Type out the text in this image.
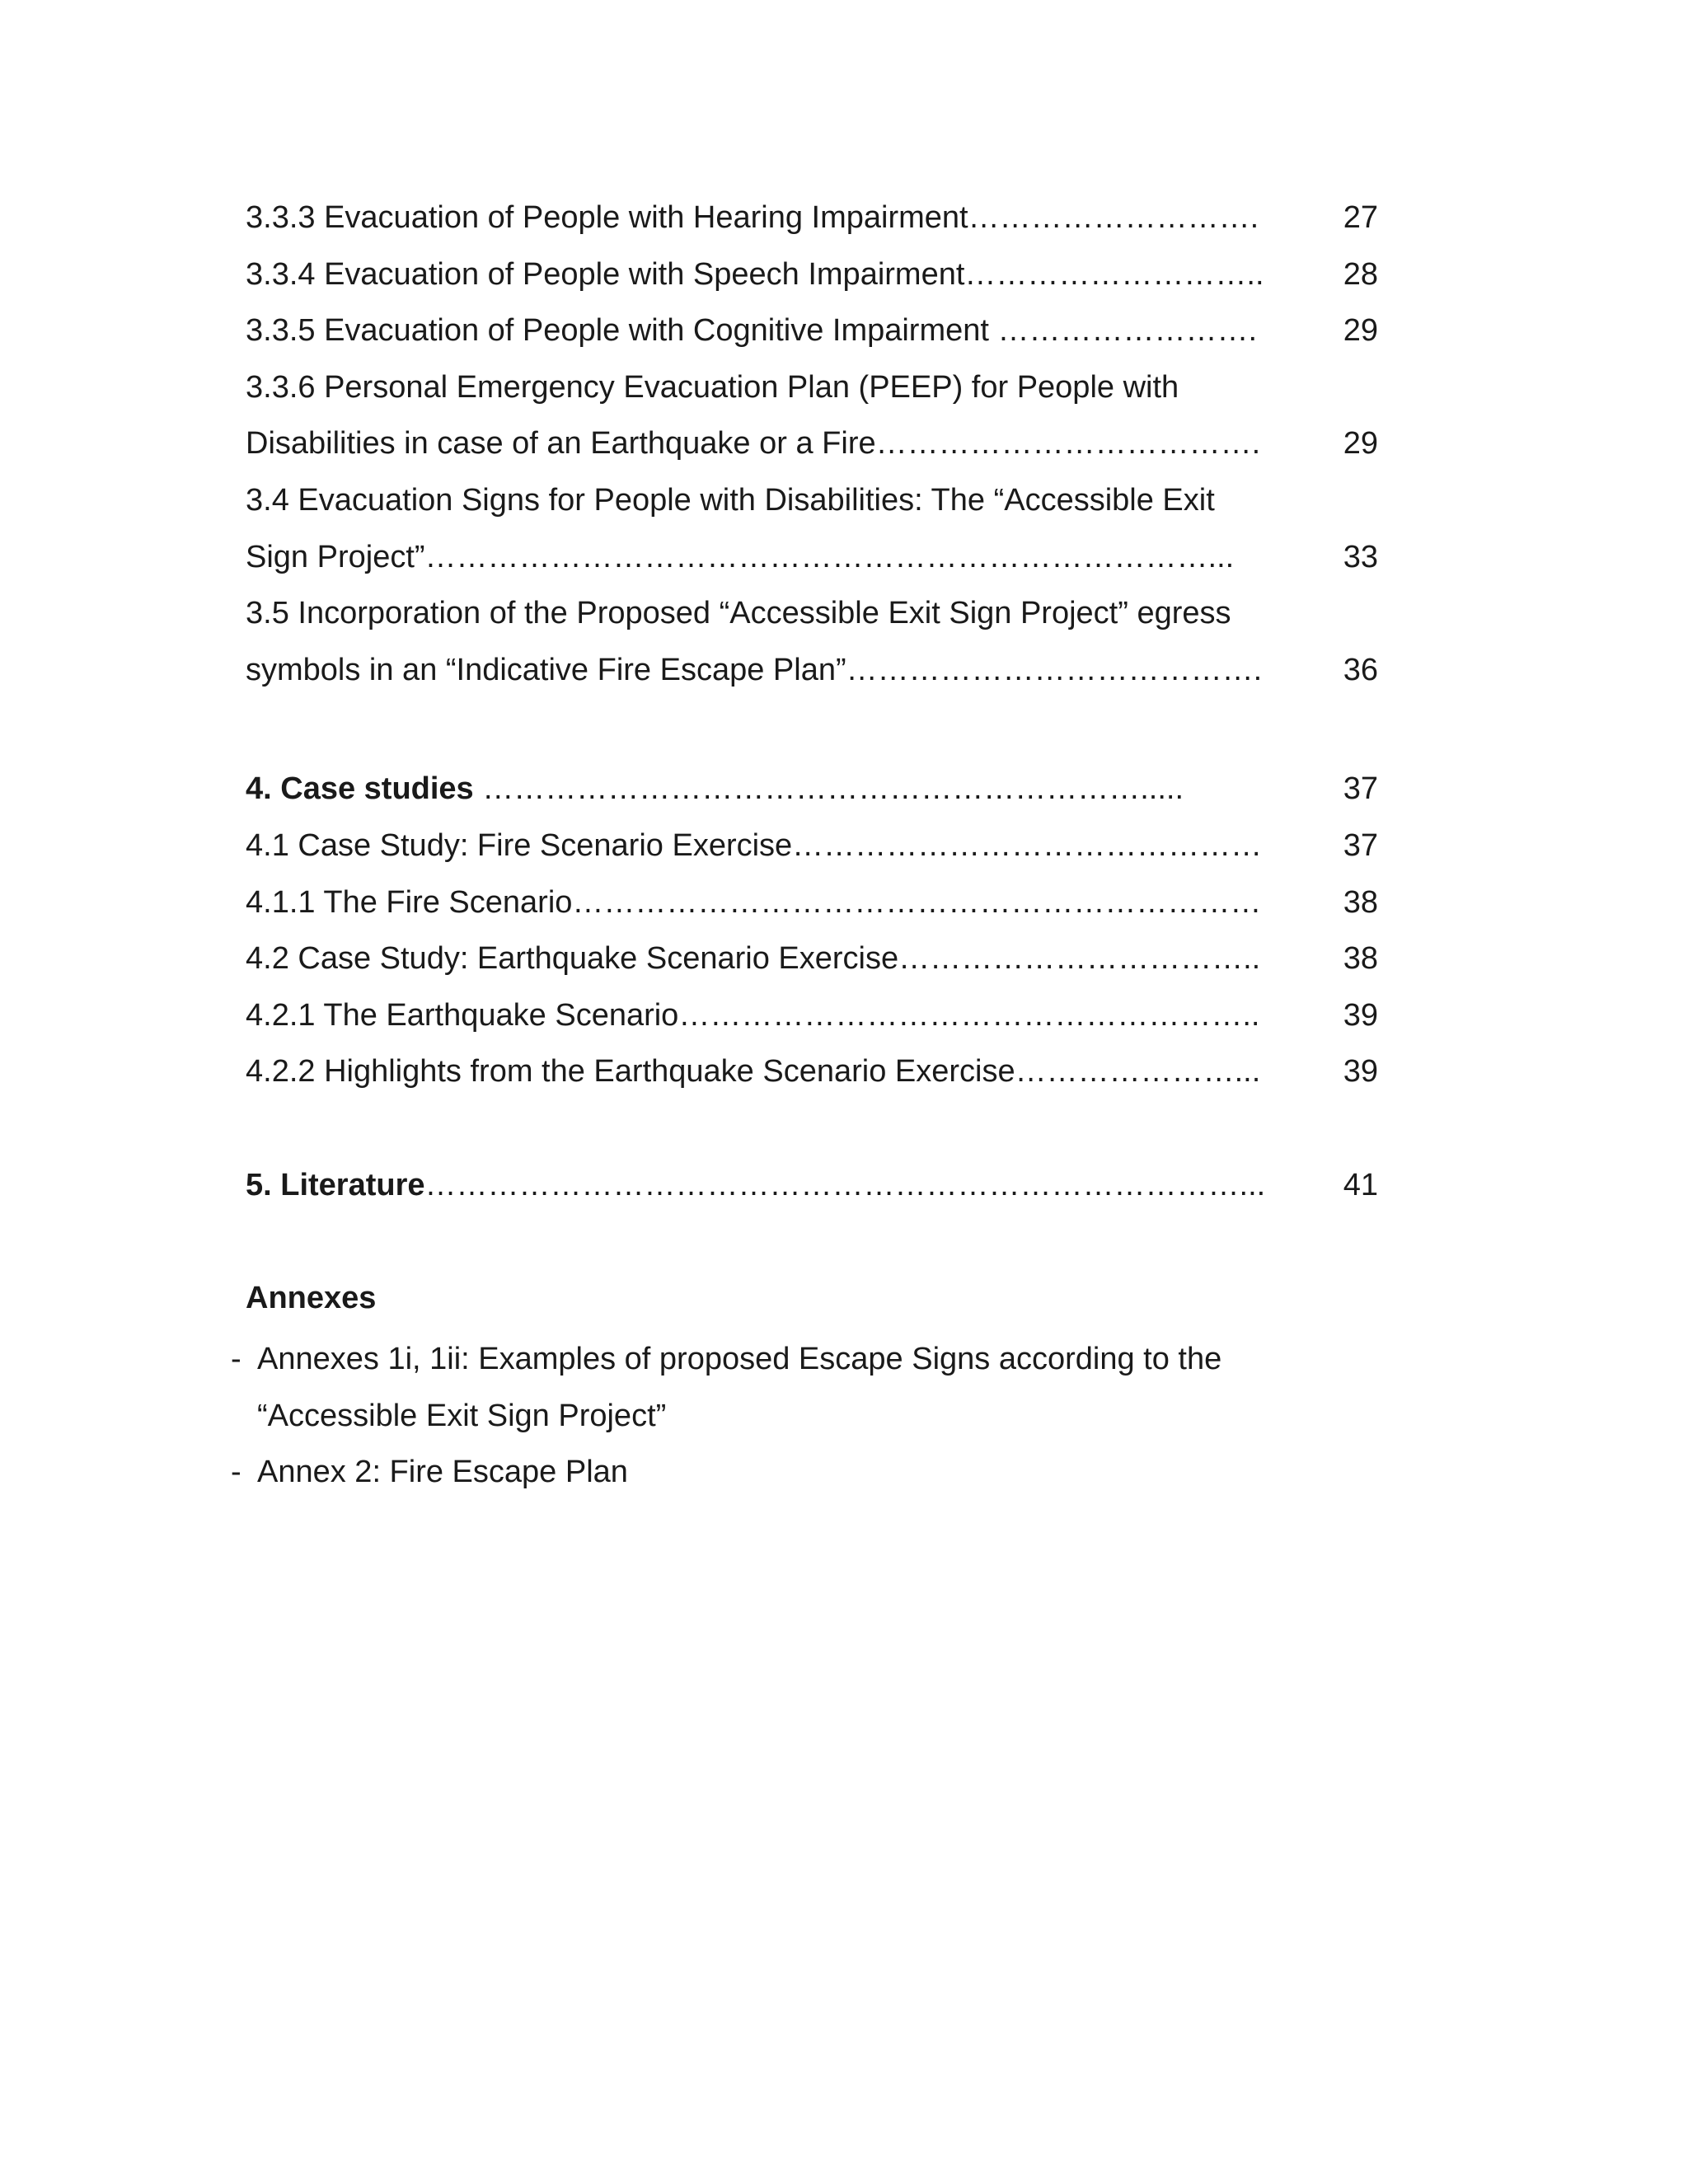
3.3.3 Evacuation of People with Hearing Impairment……………………….	27
3.3.4 Evacuation of People with Speech Impairment………………………..	28
3.3.5 Evacuation of People with Cognitive Impairment …………………….	29
3.3.6 Personal Emergency Evacuation Plan (PEEP) for People with
Disabilities in case of an Earthquake or a Fire……………………………….	29
3.4 Evacuation Signs for People with Disabilities: The “Accessible Exit
Sign Project”…………………………………………………………………...	33
3.5 Incorporation of the Proposed “Accessible Exit Sign Project” egress
symbols in an “Indicative Fire Escape Plan”………………………………….	36
4. Case studies ……………………………………………………….....	37
4.1 Case Study: Fire Scenario Exercise………………………………………	37
4.1.1 The Fire Scenario…………………………………………………………	38
4.2 Case Study: Earthquake Scenario Exercise……………………………..	38
4.2.1 The Earthquake Scenario………………………………………………..	39
4.2.2 Highlights from the Earthquake Scenario Exercise…………………...	39
5. Literature……………………………………………………………………...	41
Annexes
- Annexes 1i, 1ii: Examples of proposed Escape Signs according to the
“Accessible Exit Sign Project”
- Annex 2: Fire Escape Plan
